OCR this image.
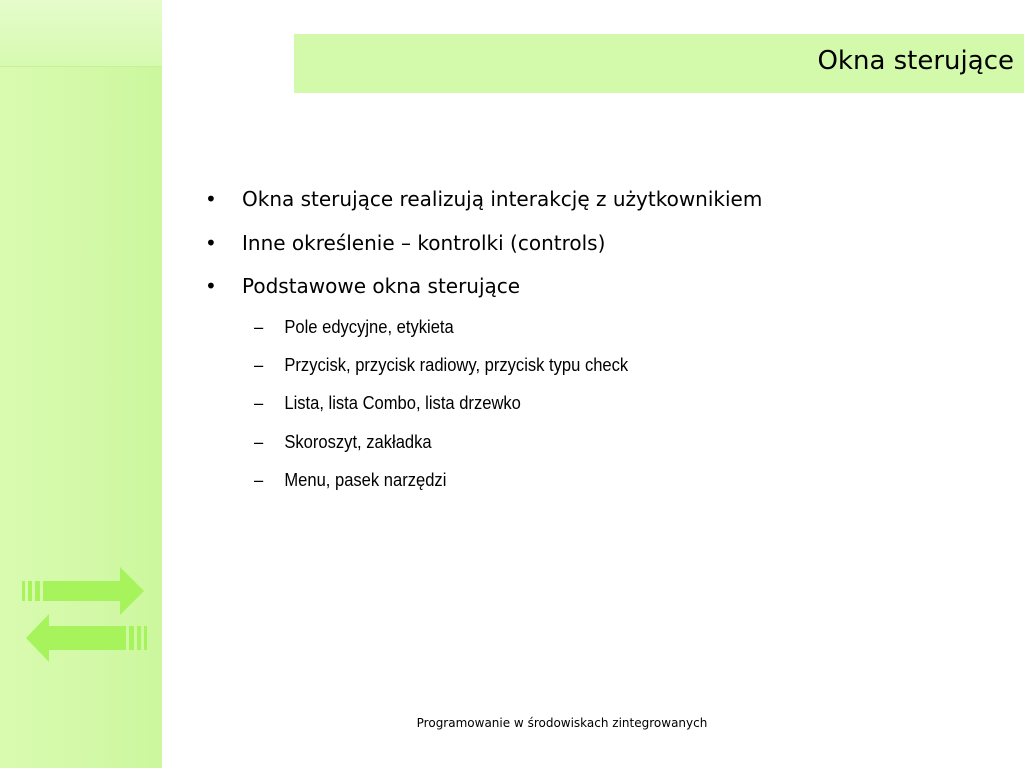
Okna sterujące
• Okna sterujące realizują interakcję z użytkownikiem
• Inne określenie – kontrolki (controls)
• Podstawowe okna sterujące
– Pole edycyjne, etykieta
– Przycisk, przycisk radiowy, przycisk typu check
– Lista, lista Combo, lista drzewko
– Skoroszyt, zakładka
– Menu, pasek narzędzi
Programowanie w środowiskach zintegrowanych
